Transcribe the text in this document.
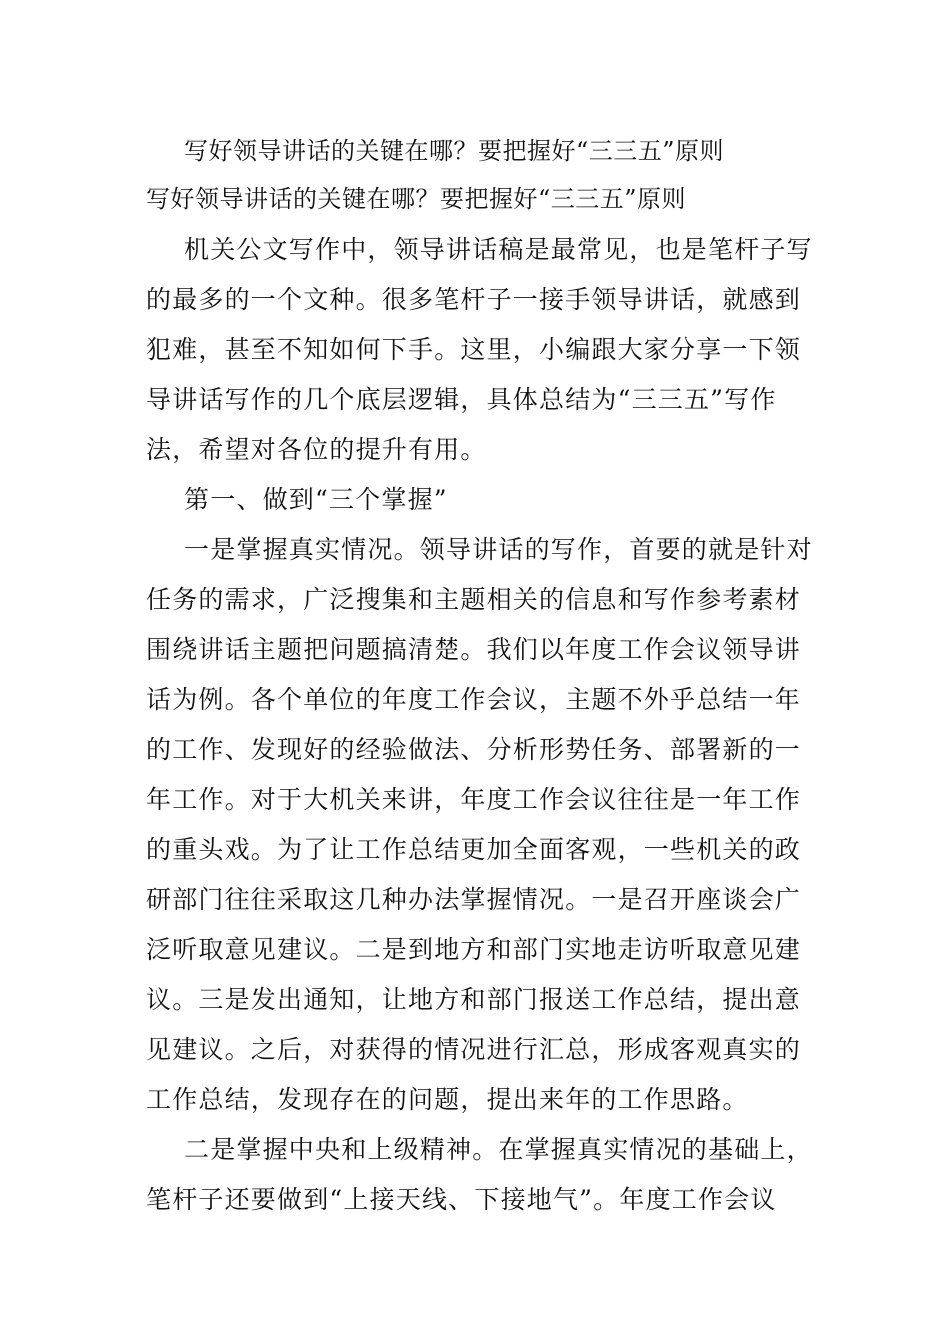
写好领导讲话的关键在哪？要把握好“三三五”原则
写好领导讲话的关键在哪？要把握好“三三五”原则
机关公文写作中，领导讲话稿是最常见，也是笔杆子写
的最多的一个文种。很多笔杆子一接手领导讲话，就感到
犯难，甚至不知如何下手。这里，小编跟大家分享一下领
导讲话写作的几个底层逻辑，具体总结为“三三五”写作
法，希望对各位的提升有用。
第一、做到“三个掌握”
一是掌握真实情况。领导讲话的写作，首要的就是针对
任务的需求，广泛搜集和主题相关的信息和写作参考素材
围绕讲话主题把问题搞清楚。我们以年度工作会议领导讲
话为例。各个单位的年度工作会议，主题不外乎总结一年
的工作、发现好的经验做法、分析形势任务、部署新的一
年工作。对于大机关来讲，年度工作会议往往是一年工作
的重头戏。为了让工作总结更加全面客观，一些机关的政
研部门往往采取这几种办法掌握情况。一是召开座谈会广
泛听取意见建议。二是到地方和部门实地走访听取意见建
议。三是发出通知，让地方和部门报送工作总结，提出意
见建议。之后，对获得的情况进行汇总，形成客观真实的
工作总结，发现存在的问题，提出来年的工作思路。
二是掌握中央和上级精神。在掌握真实情况的基础上，
笔杆子还要做到“上接天线、下接地气”。年度工作会议
